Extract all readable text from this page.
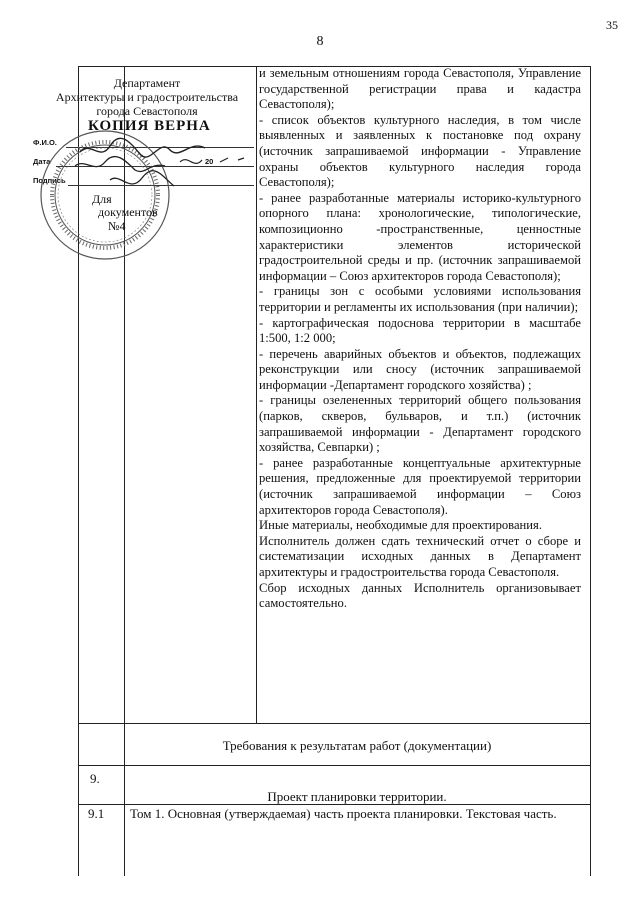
35
8

и земельным отношениям города Севастополя, Управление государственной регистрации права и кадастра Севастополя);

- список объектов культурного наследия, в том числе выявленных и заявленных к постановке под охрану (источник запрашиваемой информации - Управление охраны объектов культурного наследия города Севастополя);

- ранее разработанные материалы историко-культурного опорного плана: хронологические, типологические, композиционно -пространственные, ценностные характеристики элементов исторической градостроительной среды и пр. (источник запрашиваемой информации – Союз архитекторов города Севастополя);

- границы зон с особыми условиями использования территории и регламенты их использования (при наличии);

- картографическая подосновa территории в масштабе 1:500, 1:2 000;

- перечень аварийных объектов и объектов, подлежащих реконструкции или сносу (источник запрашиваемой информации -Департамент городского хозяйства) ;

- границы озелененных территорий общего пользования (парков, скверов, бульваров, и т.п.) (источник запрашиваемой информации - Департамент городского хозяйства, Севпарки) ;

- ранее разработанные концептуальные архитектурные решения, предложенные для проектируемой территории (источник запрашиваемой информации – Союз архитекторов города Севастополя).

Иные материалы, необходимые для проектирования.

Исполнитель должен сдать технический отчет о сборе и систематизации исходных данных в Департамент архитектуры и градостроительства города Севастополя.

Сбор исходных данных Исполнитель организовывает самостоятельно.

Требования к результатам работ (документации)
9.
Проект планировки территории.
9.1 Том 1. Основная (утверждаемая) часть проекта планировки. Текстовая часть.
Департамент
Архитектуры и градостроительства
города Севастополя
КОПИЯ ВЕРНА
Ф.И.О.
Дата	20
Подпись
Для
документов
№4
